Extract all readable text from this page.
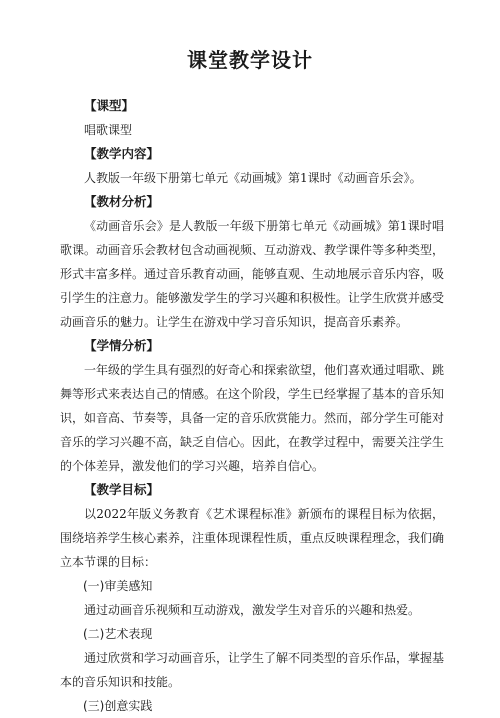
课堂教学设计
【课型】
唱歌课型
【教学内容】

人教版一年级下册第七单元《动画城》第1课时《动画音乐会》。

【教材分析】

《动画音乐会》是人教版一年级下册第七单元《动画城》第1课时唱歌课。动画音乐会教材包含动画视频、互动游戏、教学课件等多种类型，形式丰富多样。通过音乐教育动画，能够直观、生动地展示音乐内容，吸引学生的注意力。能够激发学生的学习兴趣和积极性。让学生欣赏并感受动画音乐的魅力。让学生在游戏中学习音乐知识，提高音乐素养。

【学情分析】

一年级的学生具有强烈的好奇心和探索欲望，他们喜欢通过唱歌、跳舞等形式来表达自己的情感。在这个阶段，学生已经掌握了基本的音乐知识，如音高、节奏等，具备一定的音乐欣赏能力。然而，部分学生可能对音乐的学习兴趣不高，缺乏自信心。因此，在教学过程中，需要关注学生的个体差异，激发他们的学习兴趣，培养自信心。

【教学目标】

以2022年版义务教育《艺术课程标准》新颁布的课程目标为依据，围绕培养学生核心素养，注重体现课程性质，重点反映课程理念，我们确立本节课的目标：

(一)审美感知

通过动画音乐视频和互动游戏，激发学生对音乐的兴趣和热爱。

(二)艺术表现

通过欣赏和学习动画音乐，让学生了解不同类型的音乐作品，掌握基本的音乐知识和技能。

(三)创意实践
